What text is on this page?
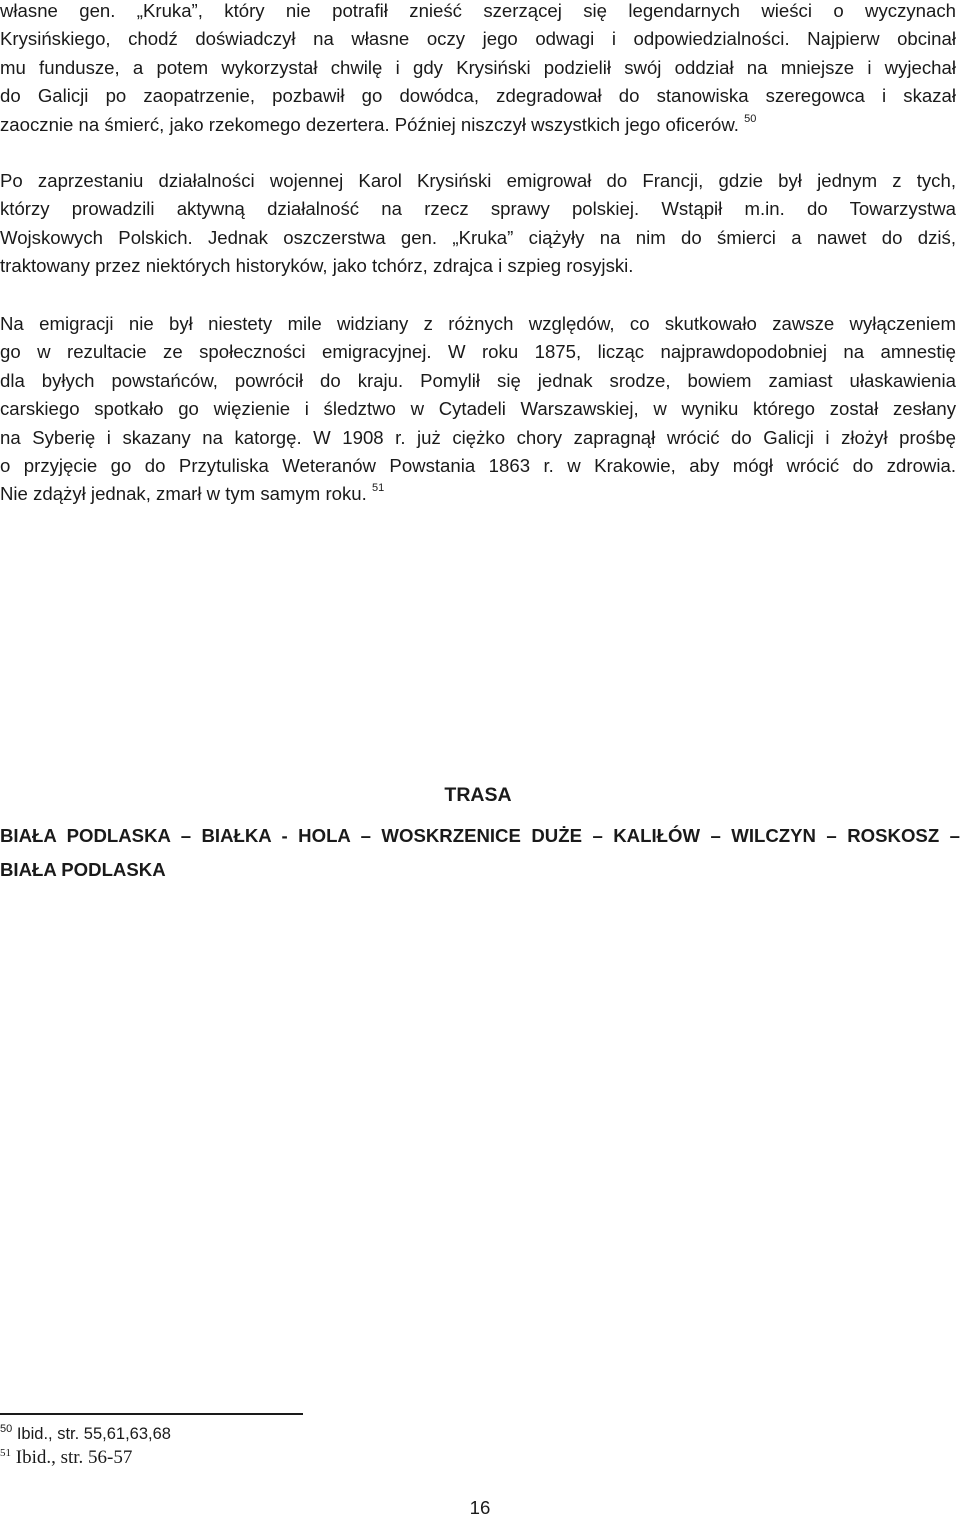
własne gen. „Kruka”, który nie potrafił znieść szerzącej się legendarnych wieści o wyczynach
Krysińskiego, chodź doświadczył na własne oczy jego odwagi i odpowiedzialności. Najpierw obcinał
mu fundusze, a potem wykorzystał chwilę i gdy Krysiński podzielił swój oddział na mniejsze i wyjechał
do Galicji po zaopatrzenie, pozbawił go dowódca, zdegradował do stanowiska szeregowca i skazał
zaocznie na śmierć, jako rzekomego dezertera. Później niszczył wszystkich jego oficerów. $^{50}$
Po zaprzestaniu działalności wojennej Karol Krysiński emigrował do Francji, gdzie był jednym z tych,
którzy prowadzili aktywną działalność na rzecz sprawy polskiej. Wstąpił m.in. do Towarzystwa
Wojskowych Polskich. Jednak oszczerstwa gen. „Kruka” ciążyły na nim do śmierci a nawet do dziś,
traktowany przez niektórych historyków, jako tchórz, zdrajca i szpieg rosyjski.
Na emigracji nie był niestety mile widziany z różnych względów, co skutkowało zawsze wyłączeniem
go w rezultacie ze społeczności emigracyjnej. W roku 1875, licząc najprawdopodobniej na amnestię
dla byłych powstańców, powrócił do kraju. Pomylił się jednak srodze, bowiem zamiast ułaskawienia
carskiego spotkało go więzienie i śledztwo w Cytadeli Warszawskiej, w wyniku którego został zesłany
na Syberię i skazany na katorgę. W 1908 r. już ciężko chory zapragnął wrócić do Galicji i złożył prośbę
o przyjęcie go do Przytuliska Weteranów Powstania 1863 r. w Krakowie, aby mógł wrócić do zdrowia.
Nie zdążył jednak, zmarł w tym samym roku. $^{51}$
TRASA
BIAŁA PODLASKA – BIAŁKA - HOLA – WOSKRZENICE DUŻE – KALIŁÓW – WILCZYN – ROSKOSZ –
BIAŁA PODLASKA
$^{50}$ Ibid., str. 55,61,63,68
$^{51}$ Ibid., str. 56-57
16
